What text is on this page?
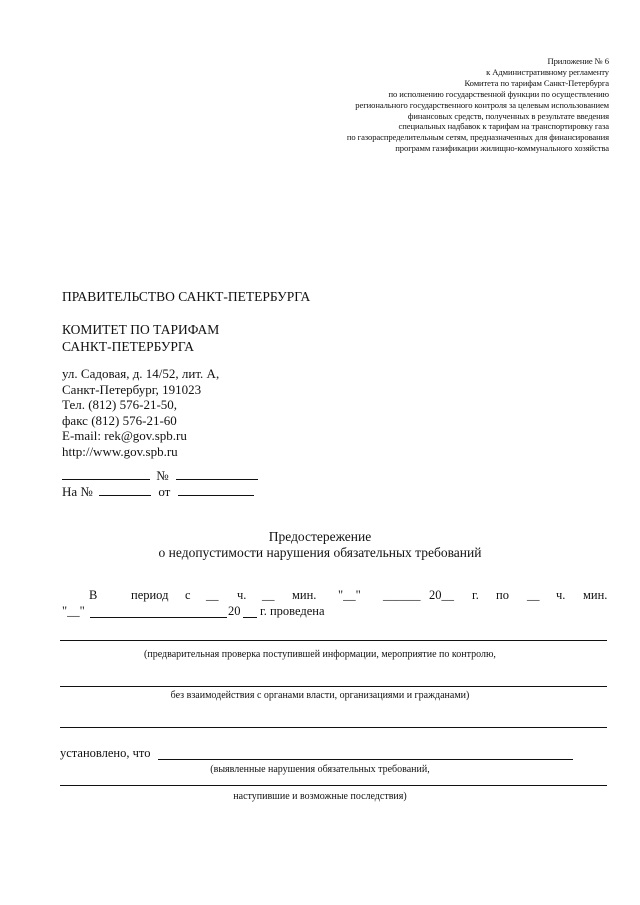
Приложение № 6
к Административному регламенту
Комитета по тарифам Санкт-Петербурга
по исполнению государственной функции по осуществлению
регионального государственного контроля за целевым использованием
финансовых средств, полученных в результате введения
специальных надбавок к тарифам на транспортировку газа
по газораспределительным сетям, предназначенных для финансирования
программ газификации жилищно-коммунального хозяйства
ПРАВИТЕЛЬСТВО САНКТ-ПЕТЕРБУРГА
КОМИТЕТ ПО ТАРИФАМ
САНКТ-ПЕТЕРБУРГА
ул. Садовая, д. 14/52, лит. А,
Санкт-Петербург, 191023
Тел. (812) 576-21-50,
факс (812) 576-21-60
E-mail: rek@gov.spb.ru
http://www.gov.spb.ru
№
На №	от
Предостережение
о недопустимости нарушения обязательных требований
В	период с __ ч. __ мин. "__" ______ 20__ г. по __ ч. мин.
"__"	20 г. проведена
(предварительная проверка поступившей информации, мероприятие по контролю,
без взаимодействия с органами власти, организациями и гражданами)
установлено, что
(выявленные нарушения обязательных требований,
наступившие и возможные последствия)
